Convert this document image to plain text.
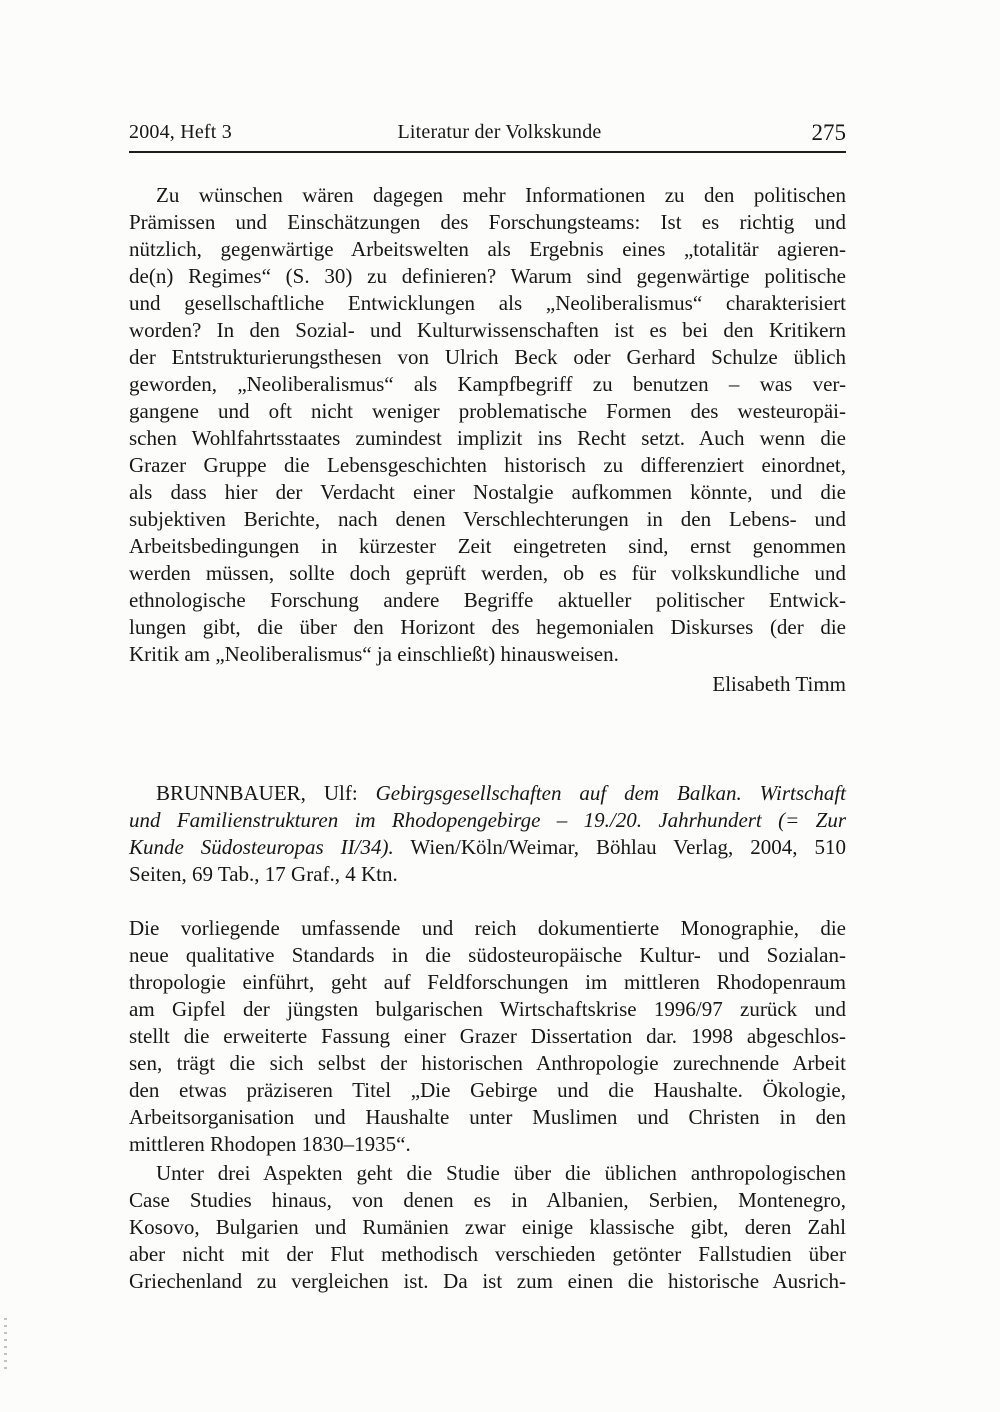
2004, Heft 3	Literatur der Volkskunde	275
Zu wünschen wären dagegen mehr Informationen zu den politischen
Prämissen und Einschätzungen des Forschungsteams: Ist es richtig und
nützlich, gegenwärtige Arbeitswelten als Ergebnis eines „totalitär agieren-
de(n) Regimes“ (S. 30) zu definieren? Warum sind gegenwärtige politische
und gesellschaftliche Entwicklungen als „Neoliberalismus“ charakterisiert
worden? In den Sozial- und Kulturwissenschaften ist es bei den Kritikern
der Entstrukturierungsthesen von Ulrich Beck oder Gerhard Schulze üblich
geworden, „Neoliberalismus“ als Kampfbegriff zu benutzen – was ver-
gangene und oft nicht weniger problematische Formen des westeuropäi-
schen Wohlfahrtsstaates zumindest implizit ins Recht setzt. Auch wenn die
Grazer Gruppe die Lebensgeschichten historisch zu differenziert einordnet,
als dass hier der Verdacht einer Nostalgie aufkommen könnte, und die
subjektiven Berichte, nach denen Verschlechterungen in den Lebens- und
Arbeitsbedingungen in kürzester Zeit eingetreten sind, ernst genommen
werden müssen, sollte doch geprüft werden, ob es für volkskundliche und
ethnologische Forschung andere Begriffe aktueller politischer Entwick-
lungen gibt, die über den Horizont des hegemonialen Diskurses (der die
Kritik am „Neoliberalismus“ ja einschließt) hinausweisen.
Elisabeth Timm
BRUNNBAUER, Ulf: Gebirgsgesellschaften auf dem Balkan. Wirtschaft
und Familienstrukturen im Rhodopengebirge – 19./20. Jahrhundert (= Zur
Kunde Südosteuropas II/34). Wien/Köln/Weimar, Böhlau Verlag, 2004, 510
Seiten, 69 Tab., 17 Graf., 4 Ktn.
Die vorliegende umfassende und reich dokumentierte Monographie, die
neue qualitative Standards in die südosteuropäische Kultur- und Sozialan-
thropologie einführt, geht auf Feldforschungen im mittleren Rhodopenraum
am Gipfel der jüngsten bulgarischen Wirtschaftskrise 1996/97 zurück und
stellt die erweiterte Fassung einer Grazer Dissertation dar. 1998 abgeschlos-
sen, trägt die sich selbst der historischen Anthropologie zurechnende Arbeit
den etwas präziseren Titel „Die Gebirge und die Haushalte. Ökologie,
Arbeitsorganisation und Haushalte unter Muslimen und Christen in den
mittleren Rhodopen 1830–1935“.
Unter drei Aspekten geht die Studie über die üblichen anthropologischen
Case Studies hinaus, von denen es in Albanien, Serbien, Montenegro,
Kosovo, Bulgarien und Rumänien zwar einige klassische gibt, deren Zahl
aber nicht mit der Flut methodisch verschieden getönter Fallstudien über
Griechenland zu vergleichen ist. Da ist zum einen die historische Ausrich-
